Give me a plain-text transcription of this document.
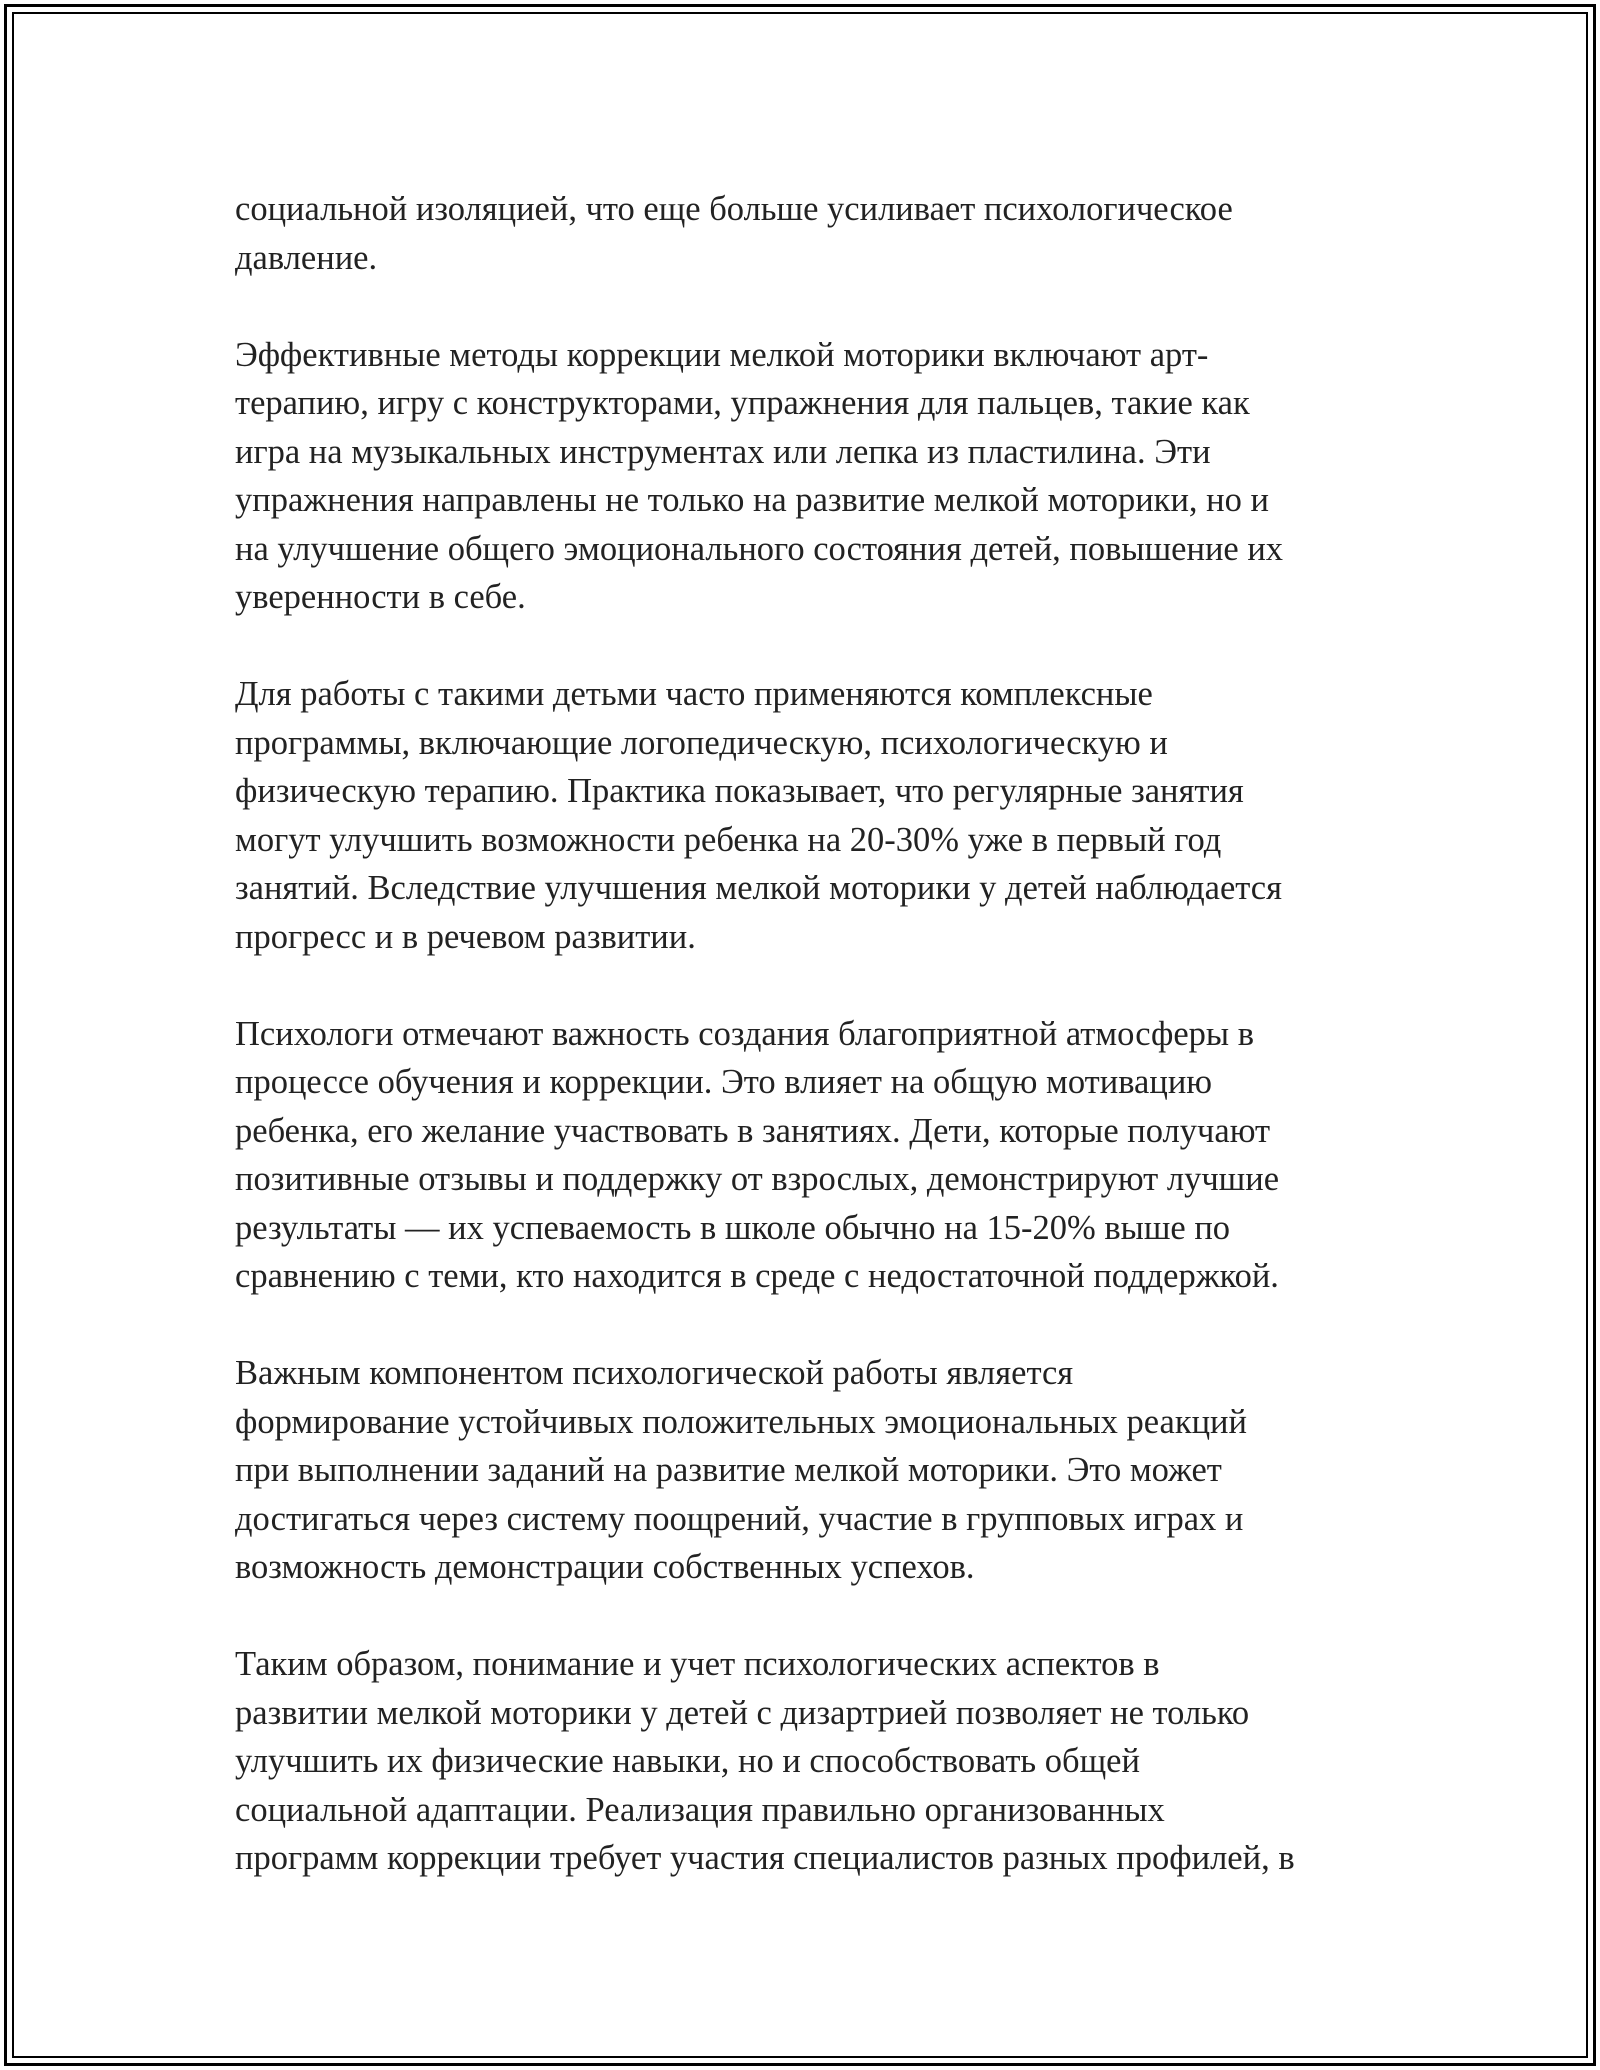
социальной изоляцией, что еще больше усиливает психологическое
давление.

Эффективные методы коррекции мелкой моторики включают арт-
терапию, игру с конструкторами, упражнения для пальцев, такие как
игра на музыкальных инструментах или лепка из пластилина. Эти
упражнения направлены не только на развитие мелкой моторики, но и
на улучшение общего эмоционального состояния детей, повышение их
уверенности в себе.

Для работы с такими детьми часто применяются комплексные
программы, включающие логопедическую, психологическую и
физическую терапию. Практика показывает, что регулярные занятия
могут улучшить возможности ребенка на 20-30% уже в первый год
занятий. Вследствие улучшения мелкой моторики у детей наблюдается
прогресс и в речевом развитии.

Психологи отмечают важность создания благоприятной атмосферы в
процессе обучения и коррекции. Это влияет на общую мотивацию
ребенка, его желание участвовать в занятиях. Дети, которые получают
позитивные отзывы и поддержку от взрослых, демонстрируют лучшие
результаты — их успеваемость в школе обычно на 15-20% выше по
сравнению с теми, кто находится в среде с недостаточной поддержкой.

Важным компонентом психологической работы является
формирование устойчивых положительных эмоциональных реакций
при выполнении заданий на развитие мелкой моторики. Это может
достигаться через систему поощрений, участие в групповых играх и
возможность демонстрации собственных успехов.

Таким образом, понимание и учет психологических аспектов в
развитии мелкой моторики у детей с дизартрией позволяет не только
улучшить их физические навыки, но и способствовать общей
социальной адаптации. Реализация правильно организованных
программ коррекции требует участия специалистов разных профилей, в
